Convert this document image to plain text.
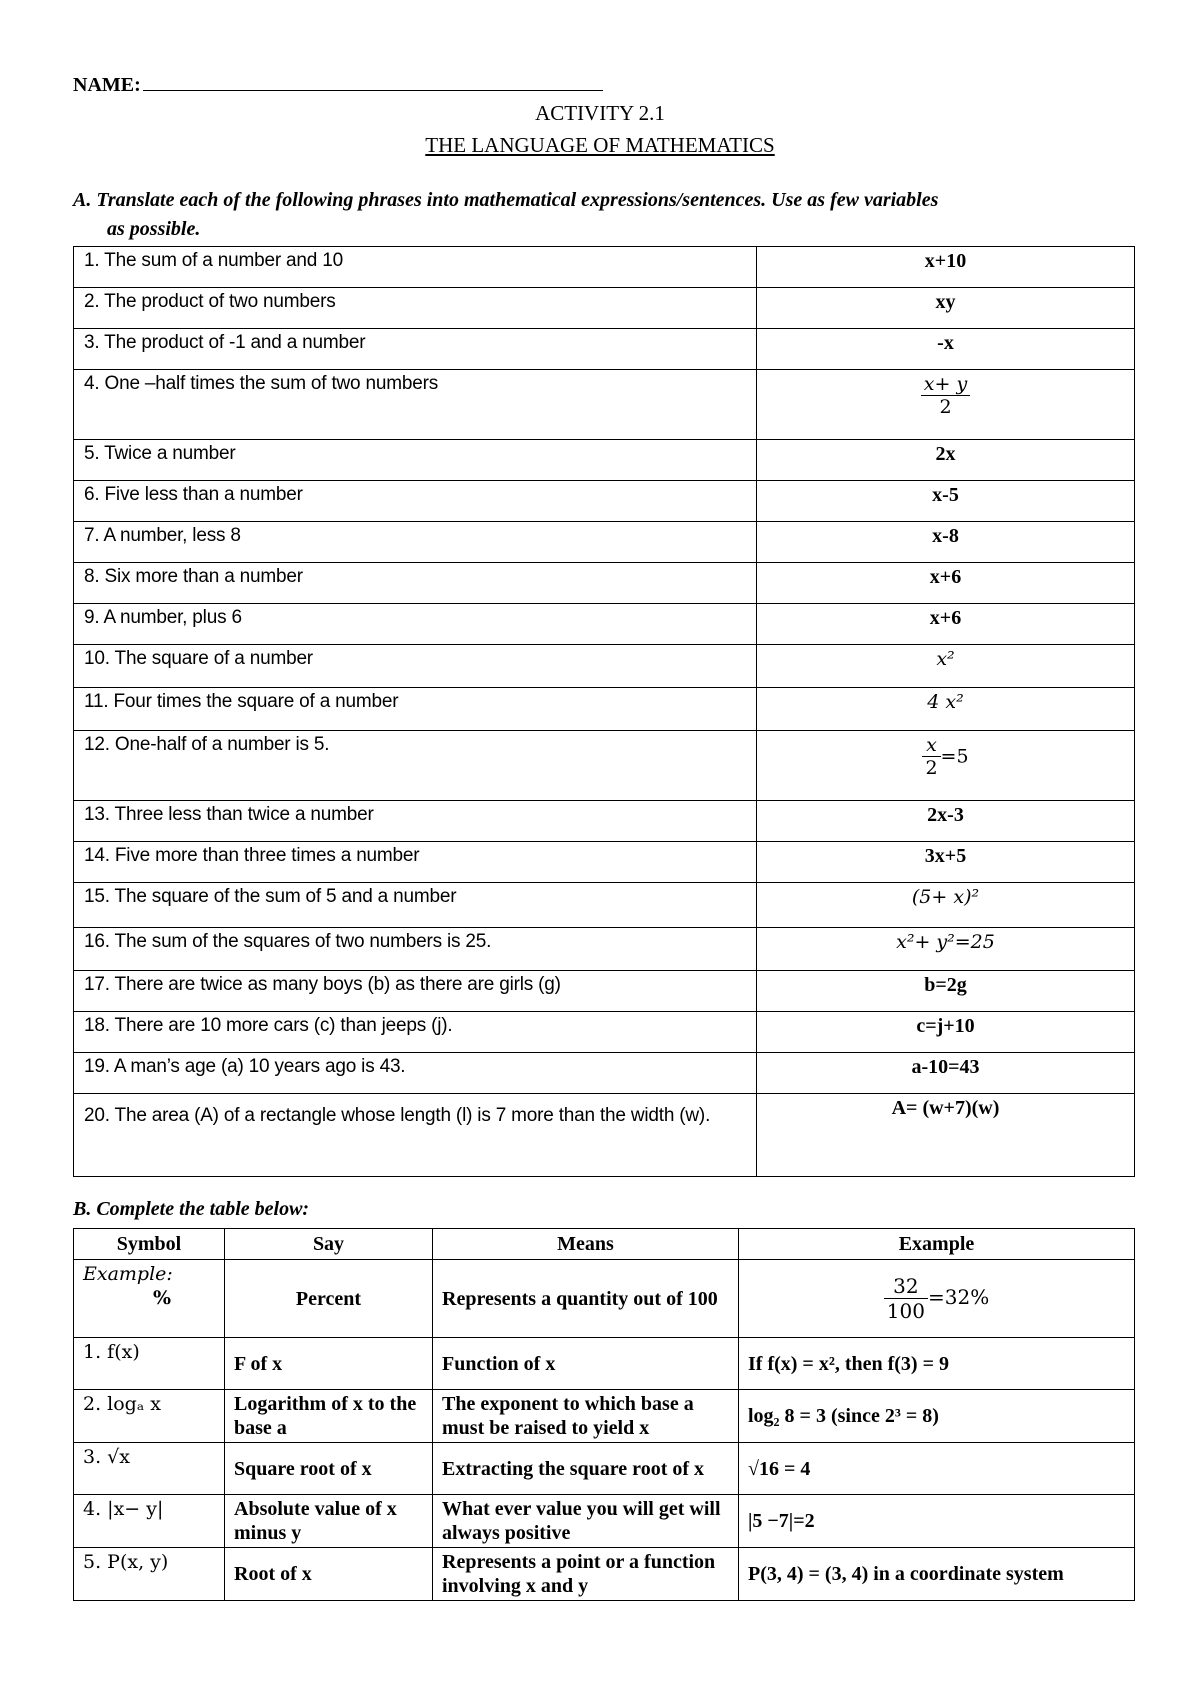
NAME:
ACTIVITY 2.1
THE LANGUAGE OF MATHEMATICS
A. Translate each of the following phrases into mathematical expressions/sentences. Use as few variables
as possible.
1. The sum of a number and 10	x+10
2. The product of two numbers	xy
3. The product of -1 and a number	-x
4. One –half times the sum of two numbers	$\frac{x+ y}{2}$

5. Twice a number	2x
6. Five less than a number	x-5
7. A number, less 8	x-8
8. Six more than a number	x+6
9. A number, plus 6	x+6
10. The square of a number	x²
11. Four times the square of a number	4 x²
12. One-half of a number is 5.	$\frac{x}{2} =5$
13. Three less than twice a number	2x-3
14. Five more than three times a number	3x+5
15. The square of the sum of 5 and a number	(5+ x)²
16. The sum of the squares of two numbers is 25.	x²+ y²=25
17. There are twice as many boys (b) as there are girls (g)	b=2g
18. There are 10 more cars (c) than jeeps (j).	c=j+10
19. A man’s age (a) 10 years ago is 43.	a-10=43
20. The area (A) of a rectangle whose length (l) is 7 more than the width (w).	A= (w+7)(w)
B. Complete the table below:
Symbol	Say	Means	Example

Example:
%	Percent	Represents a quantity out of 100	$\frac{32}{100} =32\%$
1. f(x)	F of x	Function of x	If f(x) = x², then f(3) = 9
2. logₐ x	Logarithm of x to the base a	The exponent to which base a must be raised to yield x	log₂ 8 = 3 (since 2³ = 8)
3. √x	Square root of x	Extracting the square root of x	√16 = 4
4. |x− y|	Absolute value of x minus y	What ever value you will get will always positive	|5 −7|=2
5. P(x, y)	Root of x	Represents a point or a function involving x and y	P(3, 4) = (3, 4) in a coordinate system
